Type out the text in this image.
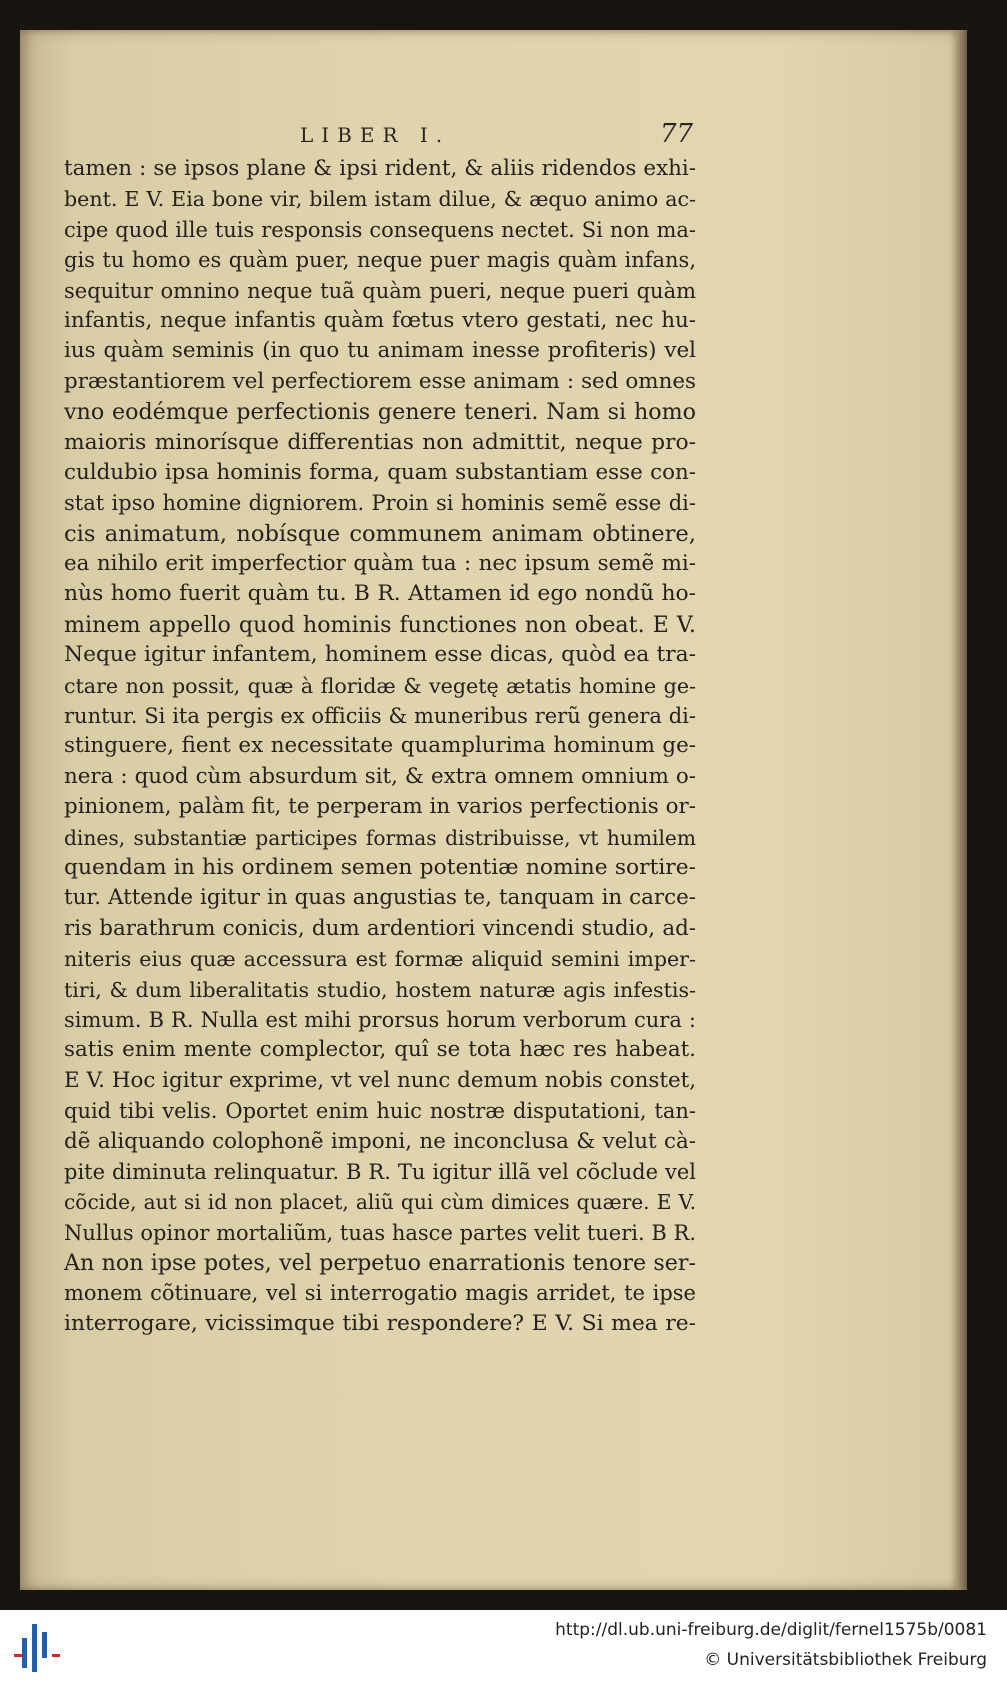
LIBER I.	77
tamen : se ipsos plane & ipsi rident, & aliis ridendos exhi-
bent. E V. Eia bone vir, bilem istam dilue, & æquo animo ac-
cipe quod ille tuis responsis consequens nectet. Si non ma-
gis tu homo es quàm puer, neque puer magis quàm infans,
sequitur omnino neque tuã quàm pueri, neque pueri quàm
infantis, neque infantis quàm fœtus vtero gestati, nec hu-
ius quàm seminis (in quo tu animam inesse profiteris) vel
præstantiorem vel perfectiorem esse animam : sed omnes
vno eodémque perfectionis genere teneri. Nam si homo
maioris minorísque differentias non admittit, neque pro-
culdubio ipsa hominis forma, quam substantiam esse con-
stat ipso homine digniorem. Proin si hominis semẽ esse di-
cis animatum, nobísque communem animam obtinere,
ea nihilo erit imperfectior quàm tua : nec ipsum semẽ mi-
nùs homo fuerit quàm tu. B R. Attamen id ego nondũ ho-
minem appello quod hominis functiones non obeat. E V.
Neque igitur infantem, hominem esse dicas, quòd ea tra-
ctare non possit, quæ à floridæ & vegetę ætatis homine ge-
runtur. Si ita pergis ex officiis & muneribus rerũ genera di-
stinguere, fient ex necessitate quamplurima hominum ge-
nera : quod cùm absurdum sit, & extra omnem omnium o-
pinionem, palàm fit, te perperam in varios perfectionis or-
dines, substantiæ participes formas distribuisse, vt humilem
quendam in his ordinem semen potentiæ nomine sortire-
tur. Attende igitur in quas angustias te, tanquam in carce-
ris barathrum conicis, dum ardentiori vincendi studio, ad-
niteris eius quæ accessura est formæ aliquid semini imper-
tiri, & dum liberalitatis studio, hostem naturæ agis infestis-
simum. B R. Nulla est mihi prorsus horum verborum cura :
satis enim mente complector, quî se tota hæc res habeat.
E V. Hoc igitur exprime, vt vel nunc demum nobis constet,
quid tibi velis. Oportet enim huic nostræ disputationi, tan-
dẽ aliquando colophonẽ imponi, ne inconclusa & velut cà-
pite diminuta relinquatur. B R. Tu igitur illã vel cõclude vel
cõcide, aut si id non placet, aliũ qui cùm dimices quære. E V.
Nullus opinor mortaliũm, tuas hasce partes velit tueri. B R.
An non ipse potes, vel perpetuo enarrationis tenore ser-
monem cõtinuare, vel si interrogatio magis arridet, te ipse
interrogare, vicissimque tibi respondere? E V. Si mea re-
http://dl.ub.uni-freiburg.de/diglit/fernel1575b/0081
© Universitätsbibliothek Freiburg
